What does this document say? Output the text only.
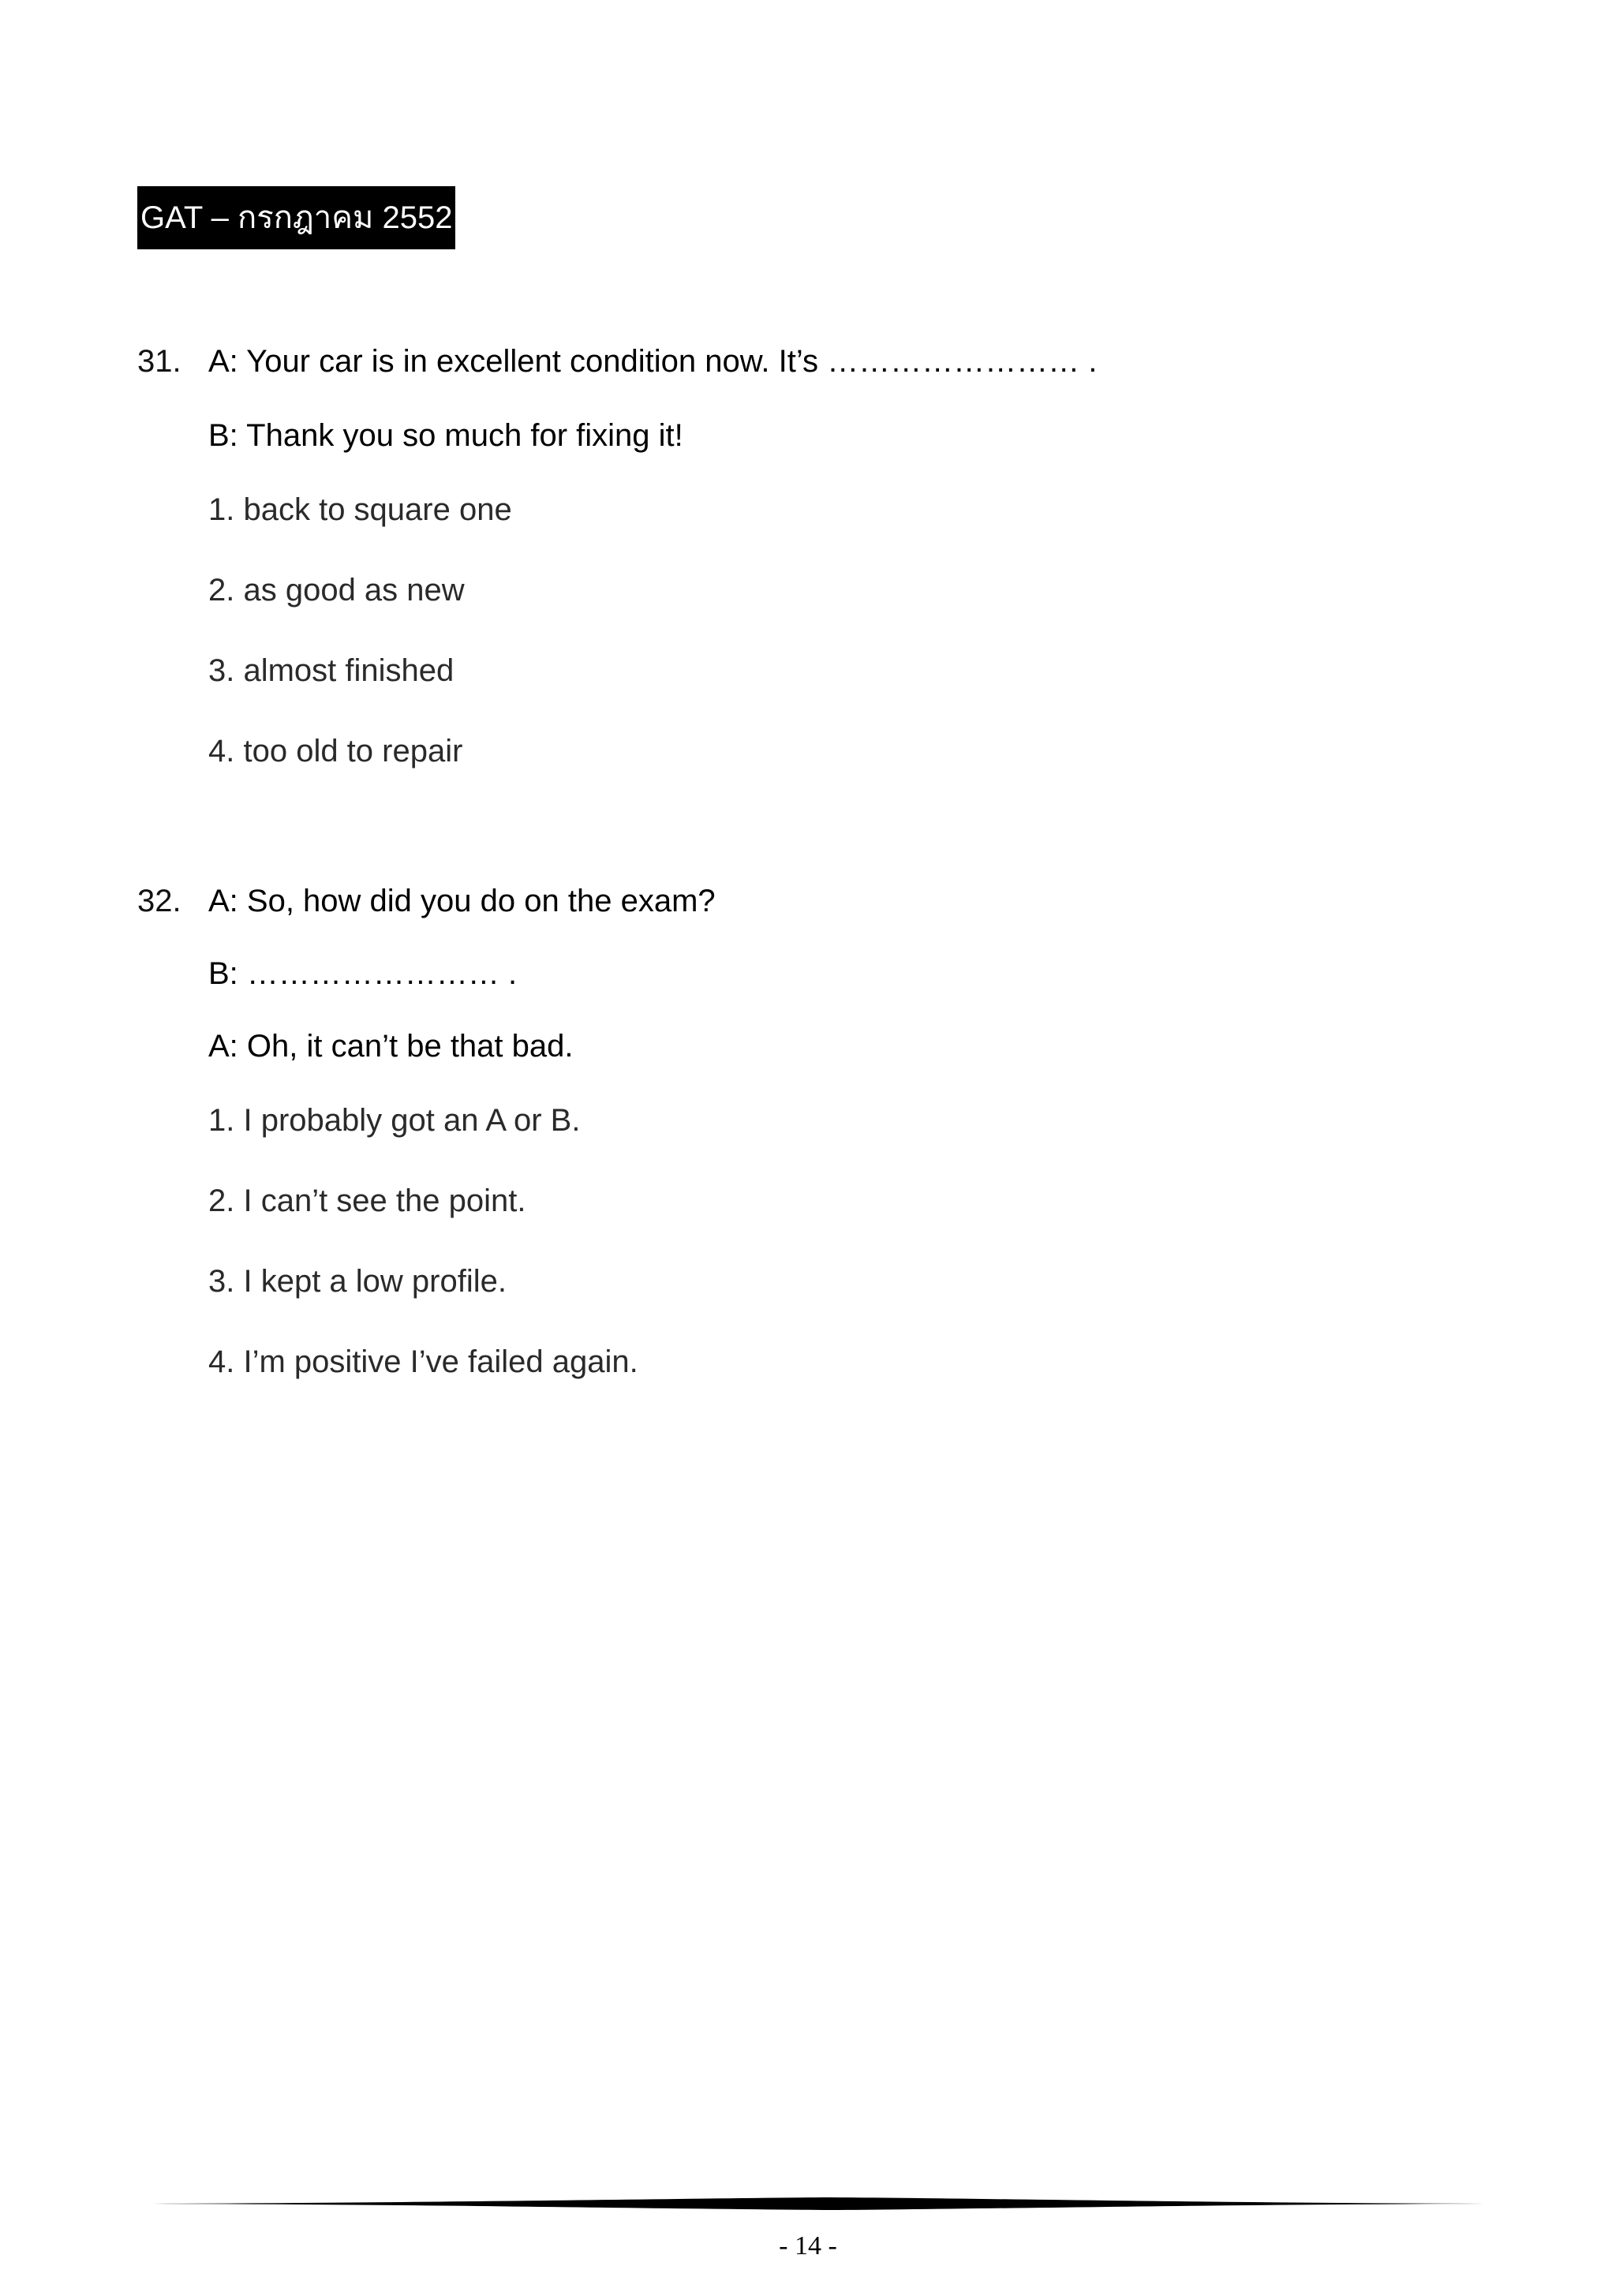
GAT – กรกฎาคม 2552
31. A: Your car is in excellent condition now. It’s …………………… .
B: Thank you so much for fixing it!
1. back to square one
2. as good as new
3. almost finished
4. too old to repair
32. A: So, how did you do on the exam?
B: …………………… .
A: Oh, it can’t be that bad.
1. I probably got an A or B.
2. I can’t see the point.
3. I kept a low profile.
4. I’m positive I’ve failed again.
- 14 -
